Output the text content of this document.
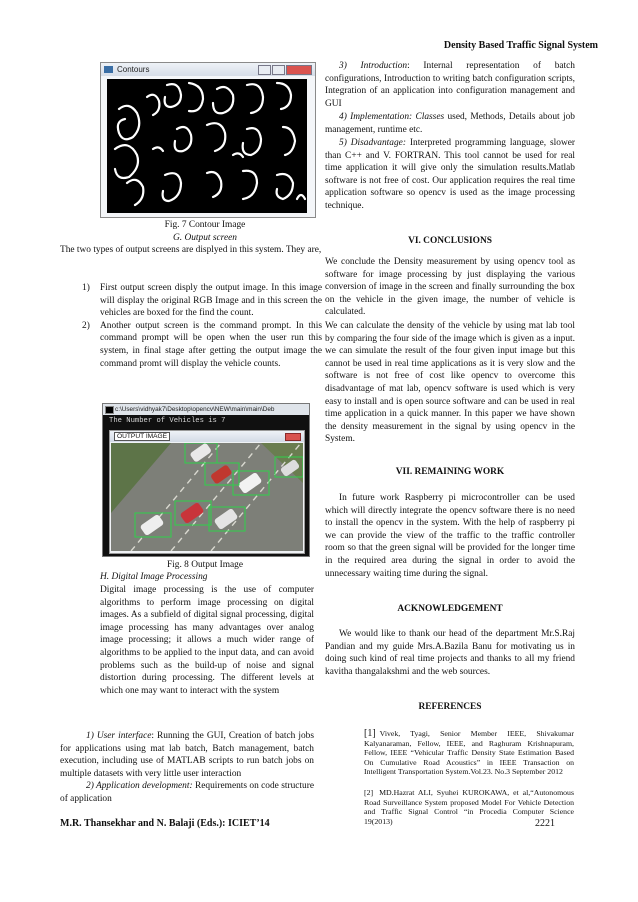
Density Based Traffic Signal System
Contours
Fig. 7 Contour Image
G. Output screen

The two types of output screens are displyed in this system. They are,

1) First output screen disply the output image. In this image will display the original RGB Image and in this screen the vehicles are boxed for the find the count.
2) Another output screen is the command prompt. In this command prompt will be open when the user run this system, in final stage after getting the output image the command promt will display the vehicle counts.
c:\Users\vidhyak7\Desktop\opencv\NEW\main\main\Deb
The Number of Vehicles is 7
OUTPUT IMAGE
Fig. 8 Output Image
H. Digital Image Processing

Digital image processing is the use of computer algorithms to perform image processing on digital images. As a subfield of digital signal processing, digital image processing has many advantages over analog image processing; it allows a much wider range of algorithms to be applied to the input data, and can avoid problems such as the build-up of noise and signal distortion during processing. The different levels at which one may want to interact with the system

1) User interface: Running the GUI, Creation of batch jobs for applications using mat lab batch, Batch management, batch execution, including use of MATLAB scripts to run batch jobs on multiple datasets with very little user interaction

2) Application development: Requirements on code structure of application

3) Introduction: Internal representation of batch configurations, Introduction to writing batch configuration scripts, Integration of an application into configuration management and GUI

4) Implementation: Classes used, Methods, Details about job management, runtime etc.

5) Disadvantage: Interpreted programming language, slower than C++ and V. FORTRAN. This tool cannot be used for real time application it will give only the simulation results.Matlab software is not free of cost. Our application requires the real time application software so opencv is used as the image processing technique.

VI. CONCLUSIONS

We conclude the Density measurement by using opencv tool as software for image processing by just displaying the various conversion of image in the screen and finally surrounding the box on the vehicle in the given image, the number of vehicle is calculated.

We can calculate the density of the vehicle by using mat lab tool by comparing the four side of the image which is given as a input. we can simulate the result of the four given input image but this cannot be used in real time applications as it is very slow and the software is not free of cost like opencv to overcome this disadvantage of mat lab, opencv software is used which is very easy to install and is open source software and can be used in real time application in a quick manner. In this paper we have shown the density measurement in the signal by using opencv in the System.

VII. REMAINING WORK

In future work Raspberry pi microcontroller can be used which will directly integrate the opencv software there is no need to install the opencv in the system. With the help of raspberry pi we can provide the view of the traffic to the traffic controller room so that the green signal will be provided for the longer time in the required area during the signal in order to avoid the unnecessary waiting time during the signal.

ACKNOWLEDGEMENT

We would like to thank our head of the department Mr.S.Raj Pandian and my guide Mrs.A.Bazila Banu for motivating us in doing such kind of real time projects and thanks to all my friend kavitha thangalakshmi and the web sources.

REFERENCES

[1] Vivek, Tyagi, Senior Member IEEE, Shivakumar Kalyanaraman, Fellow, IEEE, and Raghuram Krishnapuram, Fellow, IEEE “Vehicular Traffic Density State Estimation Based On Cumulative Road Acoustics” in IEEE Transaction on Intelligent Transportation System.Vol.23. No.3 September 2012

[2] MD.Hazrat ALI, Syuhei KUROKAWA, et al,“Autonomous Road Surveillance System proposed Model For Vehicle Detection and Traffic Signal Control “in Procedia Computer Science 19(2013)

M.R. Thansekhar and N. Balaji (Eds.): ICIET’14	2221
